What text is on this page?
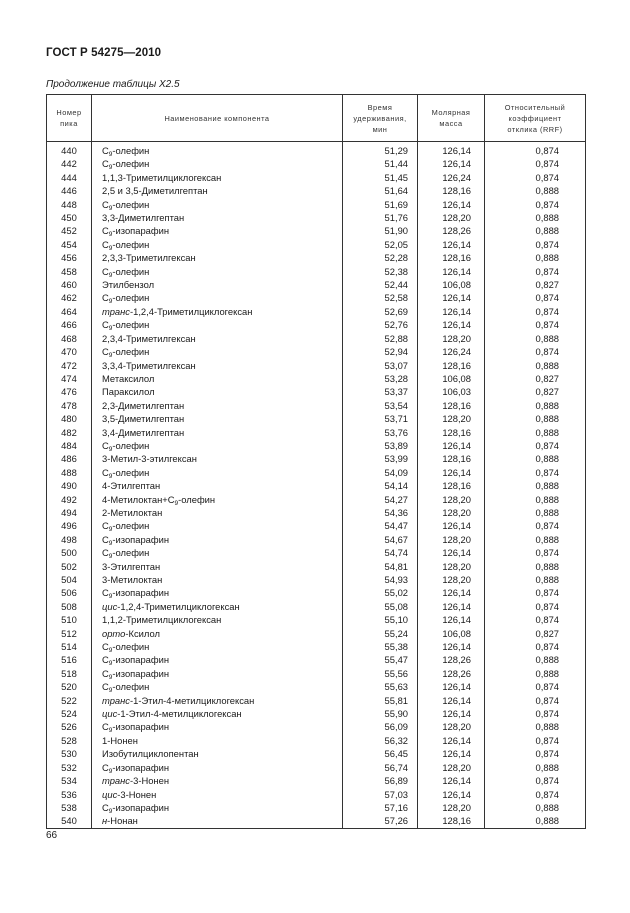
ГОСТ Р 54275—2010
Продолжение таблицы Х2.5
Номер
пика	Наименование компонента	Время
удерживания,
мин	Молярная
масса	Относительный
коэффициент
отклика (RRF)
440	$C_9$-олефин	51,29	126,14	0,874
442	$C_9$-олефин	51,44	126,14	0,874
444	1,1,3-Триметилциклогексан	51,45	126,24	0,874
446	2,5 и 3,5-Диметилгептан	51,64	128,16	0,888
448	$C_9$-олефин	51,69	126,14	0,874
450	3,3-Диметилгептан	51,76	128,20	0,888
452	$C_9$-изопарафин	51,90	128,26	0,888
454	$C_9$-олефин	52,05	126,14	0,874
456	2,3,3-Триметилгексан	52,28	128,16	0,888
458	$C_9$-олефин	52,38	126,14	0,874
460	Этилбензол	52,44	106,08	0,827
462	$C_9$-олефин	52,58	126,14	0,874
464	транс-1,2,4-Триметилциклогексан	52,69	126,14	0,874
466	$C_9$-олефин	52,76	126,14	0,874
468	2,3,4-Триметилгексан	52,88	128,20	0,888
470	$C_9$-олефин	52,94	126,24	0,874
472	3,3,4-Триметилгексан	53,07	128,16	0,888
474	Метаксилол	53,28	106,08	0,827
476	Параксилол	53,37	106,03	0,827
478	2,3-Диметилгептан	53,54	128,16	0,888
480	3,5-Диметилгептан	53,71	128,20	0,888
482	3,4-Диметилгептан	53,76	128,16	0,888
484	$C_9$-олефин	53,89	126,14	0,874
486	3-Метил-3-этилгексан	53,99	128,16	0,888
488	$C_9$-олефин	54,09	126,14	0,874
490	4-Этилгептан	54,14	128,16	0,888
492	$4-Метилоктан+C_9$-олефин	54,27	128,20	0,888
494	2-Метилоктан	54,36	128,20	0,888
496	$C_9$-олефин	54,47	126,14	0,874
498	$C_9$-изопарафин	54,67	128,20	0,888
500	$C_9$-олефин	54,74	126,14	0,874
502	3-Этилгептан	54,81	128,20	0,888
504	3-Метилоктан	54,93	128,20	0,888
506	$C_9$-изопарафин	55,02	126,14	0,874
508	цис-1,2,4-Триметилциклогексан	55,08	126,14	0,874
510	1,1,2-Триметилциклогексан	55,10	126,14	0,874
512	орто-Ксилол	55,24	106,08	0,827
514	$C_9$-олефин	55,38	126,14	0,874
516	$C_9$-изопарафин	55,47	128,26	0,888
518	$C_9$-изопарафин	55,56	128,26	0,888
520	$C_9$-олефин	55,63	126,14	0,874
522	транс-1-Этил-4-метилциклогексан	55,81	126,14	0,874
524	цис-1-Этил-4-метилциклогексан	55,90	126,14	0,874
526	$C_9$-изопарафин	56,09	128,20	0,888
528	1-Нонен	56,32	126,14	0,874
530	Изобутилциклопентан	56,45	126,14	0,874
532	$C_9$-изопарафин	56,74	128,20	0,888
534	транс-3-Нонен	56,89	126,14	0,874
536	цис-3-Нонен	57,03	126,14	0,874
538	$C_9$-изопарафин	57,16	128,20	0,888
540	н-Нонан	57,26	128,16	0,888
66
